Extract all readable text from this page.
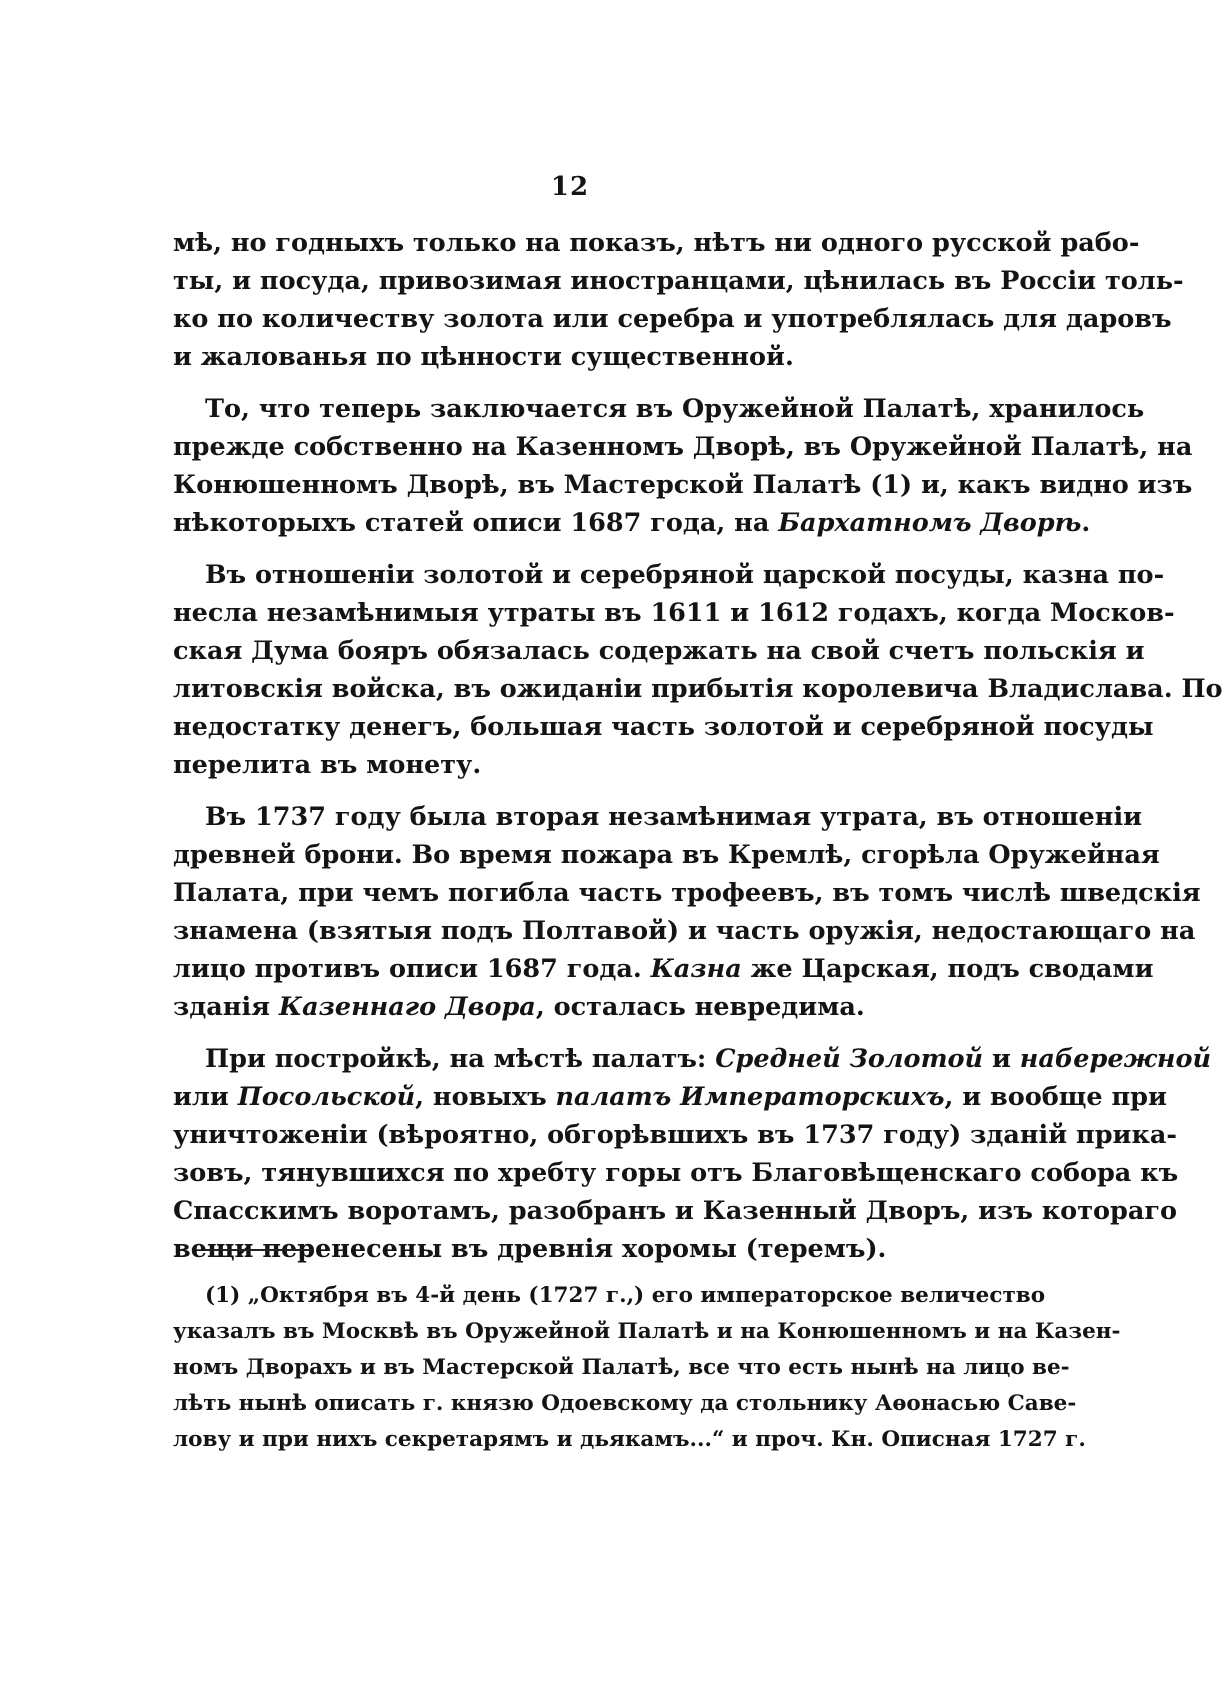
12

мѣ, но годныхъ только на показъ, нѣтъ ни одного русской рабо-
ты, и посуда, привозимая иностранцами, цѣнилась въ Россіи толь-
ко по количеству золота или серебра и употреблялась для даровъ
и жалованья по цѣнности существенной.

То, что теперь заключается въ Оружейной Палатѣ, хранилось
прежде собственно на Казенномъ Дворѣ, въ Оружейной Палатѣ, на
Конюшенномъ Дворѣ, въ Мастерской Палатѣ (1) и, какъ видно изъ
нѣкоторыхъ статей описи 1687 года, на Бархатномъ Дворѣ.

Въ отношеніи золотой и серебряной царской посуды, казна по-
несла незамѣнимыя утраты въ 1611 и 1612 годахъ, когда Москов-
ская Дума бояръ обязалась содержать на свой счетъ польскія и
литовскія войска, въ ожиданіи прибытія королевича Владислава. По
недостатку денегъ, большая часть золотой и серебряной посуды
перелита въ монету.

Въ 1737 году была вторая незамѣнимая утрата, въ отношеніи
древней брони. Во время пожара въ Кремлѣ, сгорѣла Оружейная
Палата, при чемъ погибла часть трофеевъ, въ томъ числѣ шведскія
знамена (взятыя подъ Полтавой) и часть оружія, недостающаго на
лицо противъ описи 1687 года. Казна же Царская, подъ сводами
зданія Казеннаго Двора, осталась невредима.

При постройкѣ, на мѣстѣ палатъ: Средней Золотой и набережной
или Посольской, новыхъ палатъ Императорскихъ, и вообще при
уничтоженіи (вѣроятно, обгорѣвшихъ въ 1737 году) зданій прика-
зовъ, тянувшихся по хребту горы отъ Благовѣщенскаго собора къ
Спасскимъ воротамъ, разобранъ и Казенный Дворъ, изъ котораго
вещи перенесены въ древнія хоромы (теремъ).

(1) „Октября въ 4-й день (1727 г.,) его императорское величество
указалъ въ Москвѣ въ Оружейной Палатѣ и на Конюшенномъ и на Казен-
номъ Дворахъ и въ Мастерской Палатѣ, все что есть нынѣ на лицо ве-
лѣть нынѣ описать г. князю Одоевскому да стольнику Аѳонасью Саве-
лову и при нихъ секретарямъ и дьякамъ...“ и проч. Кн. Описная 1727 г.
